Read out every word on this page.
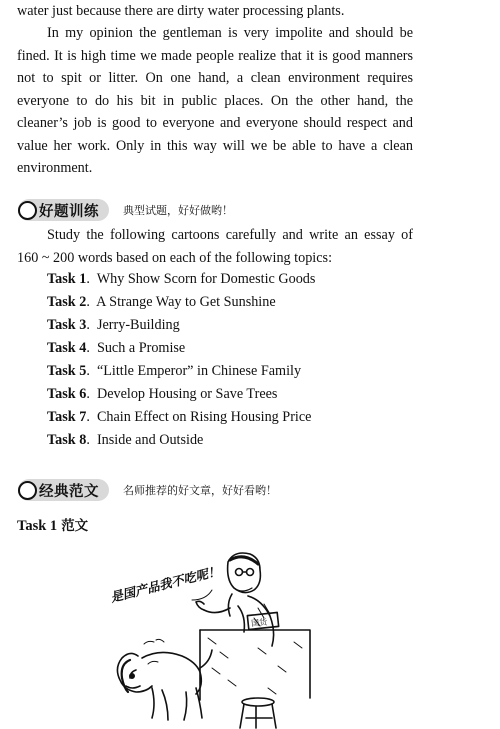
water just because there are dirty water processing plants.

In my opinion the gentleman is very impolite and should be fined. It is high time we made people realize that it is good manners not to spit or litter. On one hand, a clean environment requires everyone to do his bit in public places. On the other hand, the cleaner’s job is good to everyone and everyone should respect and value her work. Only in this way will we be able to have a clean environment.

好题训练 典型试题，好好做哟！

Study the following cartoons carefully and write an essay of 160 ~ 200 words based on each of the following topics:

Task 1.  Why Show Scorn for Domestic Goods
Task 2.  A Strange Way to Get Sunshine
Task 3.  Jerry-Building
Task 4.  Such a Promise
Task 5.  “Little Emperor” in Chinese Family
Task 6.  Develop Housing or Save Trees
Task 7.  Chain Effect on Rising Housing Price
Task 8.  Inside and Outside
经典范文 名师推荐的好文章，好好看哟！
Task 1 范文
是国产品我不吃呢！
国货
